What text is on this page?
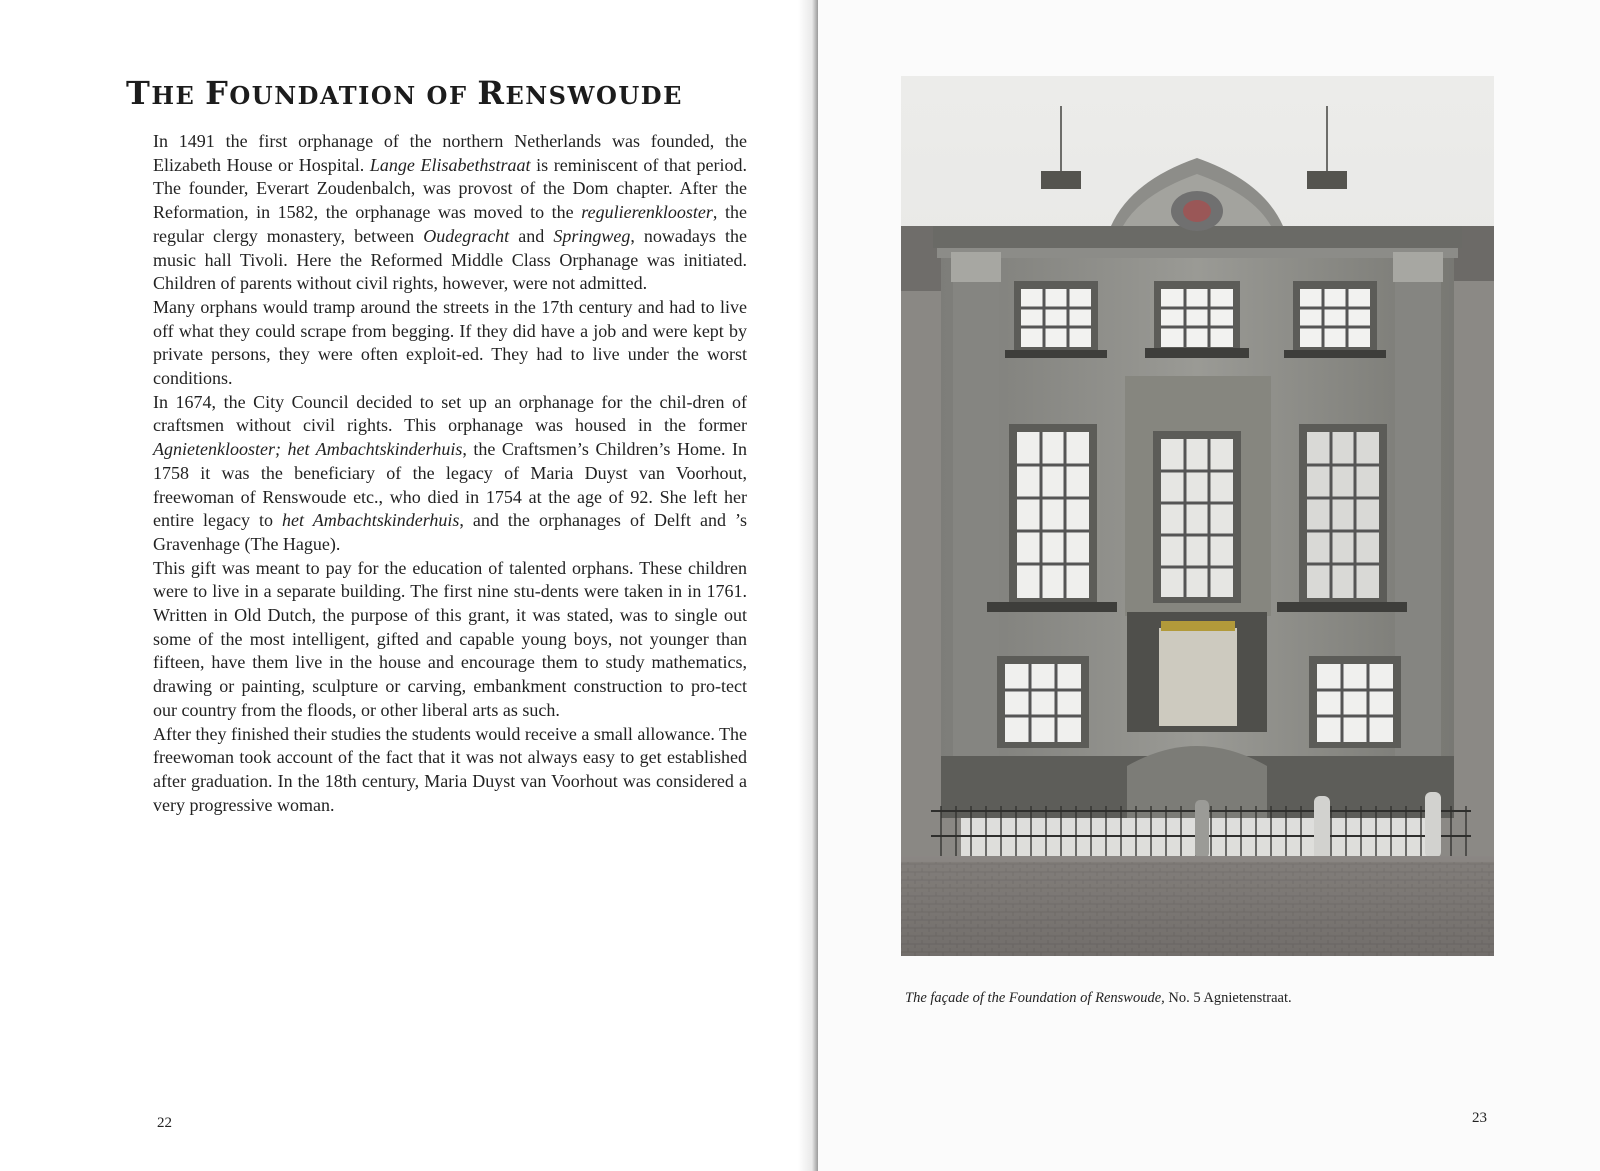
THE FOUNDATION OF RENSWOUDE

In 1491 the first orphanage of the northern Netherlands was founded, the Elizabeth House or Hospital. Lange Elisabethstraat is reminiscent of that period. The founder, Everart Zoudenbalch, was provost of the Dom chapter. After the Reformation, in 1582, the orphanage was moved to the regulierenklooster, the regular clergy monastery, between Oudegracht and Springweg, nowadays the music hall Tivoli. Here the Reformed Middle Class Orphanage was initiated. Children of parents without civil rights, however, were not admitted.

Many orphans would tramp around the streets in the 17th century and had to live off what they could scrape from begging. If they did have a job and were kept by private persons, they were often exploit-ed. They had to live under the worst conditions.

In 1674, the City Council decided to set up an orphanage for the chil-dren of craftsmen without civil rights. This orphanage was housed in the former Agnietenklooster; het Ambachtskinderhuis, the Craftsmen’s Children’s Home. In 1758 it was the beneficiary of the legacy of Maria Duyst van Voorhout, freewoman of Renswoude etc., who died in 1754 at the age of 92. She left her entire legacy to het Ambachtskinderhuis, and the orphanages of Delft and ’s Gravenhage (The Hague).

This gift was meant to pay for the education of talented orphans. These children were to live in a separate building. The first nine stu-dents were taken in in 1761. Written in Old Dutch, the purpose of this grant, it was stated, was to single out some of the most intelligent, gifted and capable young boys, not younger than fifteen, have them live in the house and encourage them to study mathematics, drawing or painting, sculpture or carving, embankment construction to pro-tect our country from the floods, or other liberal arts as such.

After they finished their studies the students would receive a small allowance. The freewoman took account of the fact that it was not always easy to get established after graduation. In the 18th century, Maria Duyst van Voorhout was considered a very progressive woman.

22
The façade of the Foundation of Renswoude, No. 5 Agnietenstraat.
23
